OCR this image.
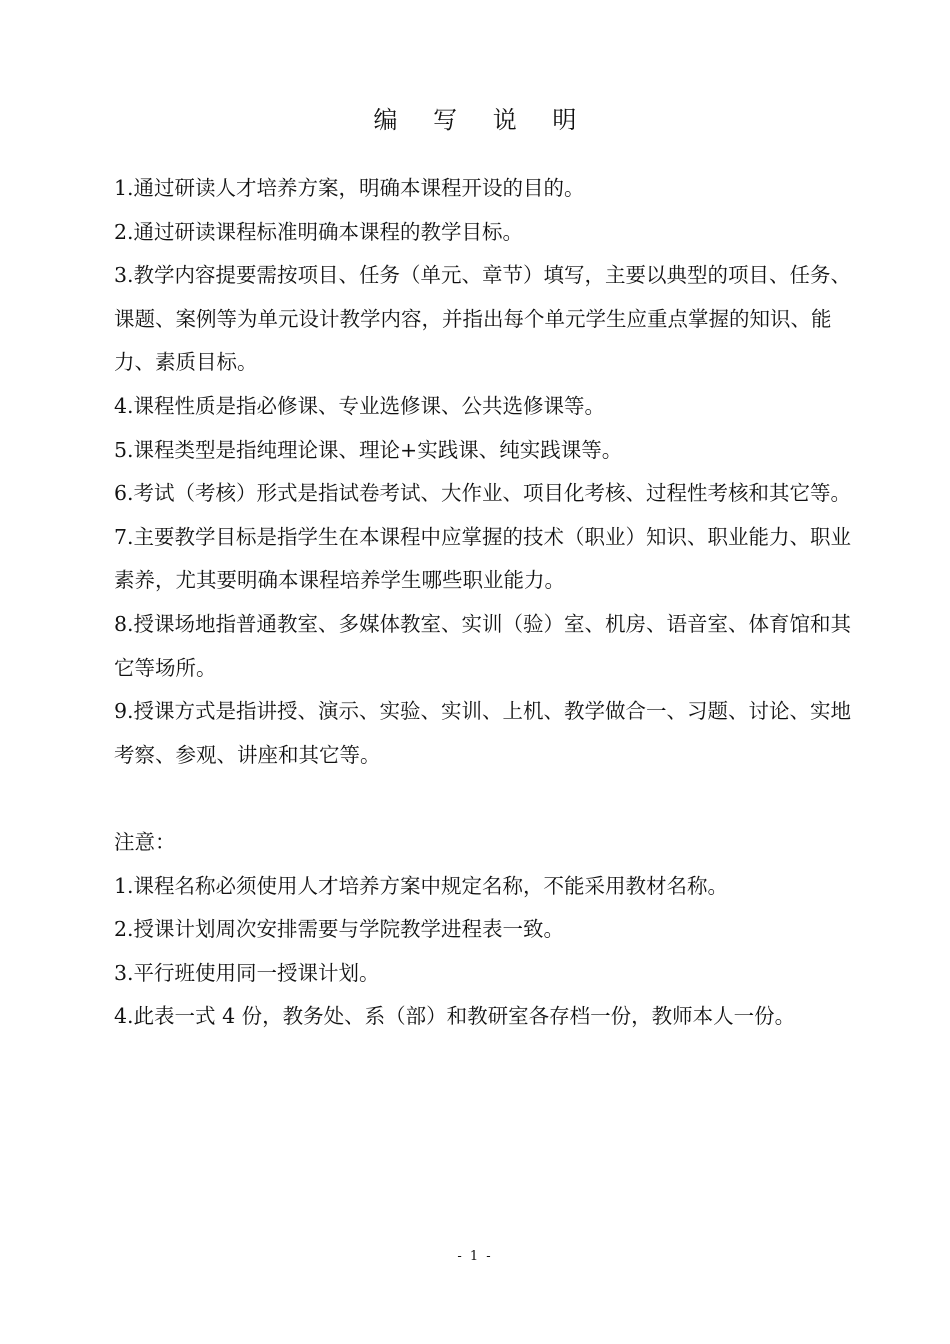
编 写 说 明

1.通过研读人才培养方案，明确本课程开设的目的。

2.通过研读课程标准明确本课程的教学目标。

3.教学内容提要需按项目、任务（单元、章节）填写，主要以典型的项目、任务、课题、案例等为单元设计教学内容，并指出每个单元学生应重点掌握的知识、能力、素质目标。

4.课程性质是指必修课、专业选修课、公共选修课等。

5.课程类型是指纯理论课、理论+实践课、纯实践课等。

6.考试（考核）形式是指试卷考试、大作业、项目化考核、过程性考核和其它等。

7.主要教学目标是指学生在本课程中应掌握的技术（职业）知识、职业能力、职业素养，尤其要明确本课程培养学生哪些职业能力。

8.授课场地指普通教室、多媒体教室、实训（验）室、机房、语音室、体育馆和其它等场所。

9.授课方式是指讲授、演示、实验、实训、上机、教学做合一、习题、讨论、实地考察、参观、讲座和其它等。

注意：

1.课程名称必须使用人才培养方案中规定名称，不能采用教材名称。

2.授课计划周次安排需要与学院教学进程表一致。

3.平行班使用同一授课计划。

4.此表一式 4 份，教务处、系（部）和教研室各存档一份，教师本人一份。

- 1 -
